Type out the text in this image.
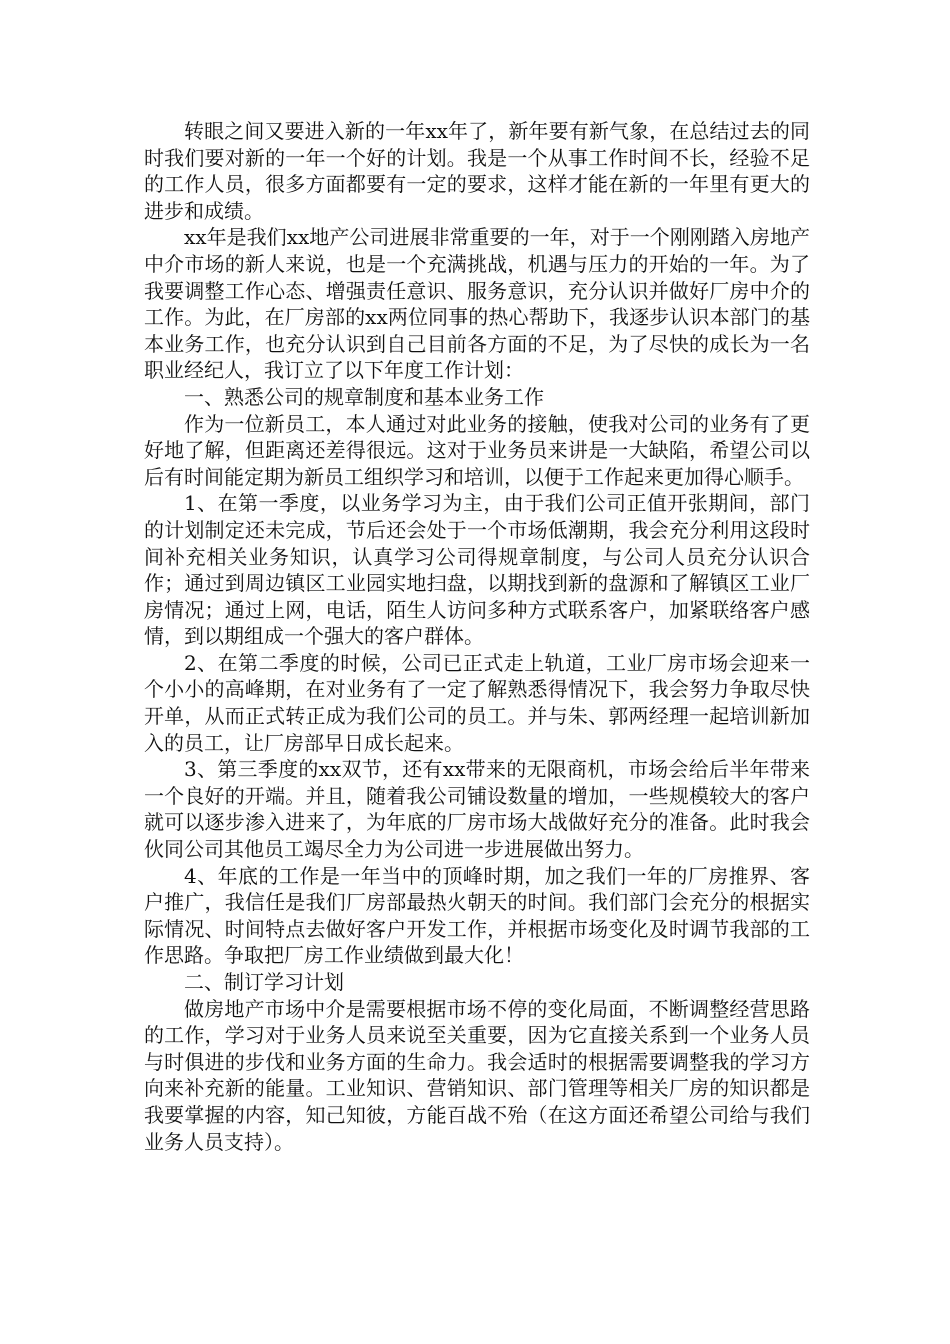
转眼之间又要进入新的一年xx年了，新年要有新气象，在总结过去的同时我们要对新的一年一个好的计划。我是一个从事工作时间不长，经验不足的工作人员，很多方面都要有一定的要求，这样才能在新的一年里有更大的进步和成绩。

xx年是我们xx地产公司进展非常重要的一年，对于一个刚刚踏入房地产中介市场的新人来说，也是一个充满挑战，机遇与压力的开始的一年。为了我要调整工作心态、增强责任意识、服务意识，充分认识并做好厂房中介的工作。为此，在厂房部的xx两位同事的热心帮助下，我逐步认识本部门的基本业务工作，也充分认识到自己目前各方面的不足，为了尽快的成长为一名职业经纪人，我订立了以下年度工作计划：

一、熟悉公司的规章制度和基本业务工作

作为一位新员工，本人通过对此业务的接触，使我对公司的业务有了更好地了解，但距离还差得很远。这对于业务员来讲是一大缺陷，希望公司以后有时间能定期为新员工组织学习和培训，以便于工作起来更加得心顺手。

1、在第一季度，以业务学习为主，由于我们公司正值开张期间，部门的计划制定还未完成，节后还会处于一个市场低潮期，我会充分利用这段时间补充相关业务知识，认真学习公司得规章制度，与公司人员充分认识合作；通过到周边镇区工业园实地扫盘，以期找到新的盘源和了解镇区工业厂房情况；通过上网，电话，陌生人访问多种方式联系客户，加紧联络客户感情，到以期组成一个强大的客户群体。

2、在第二季度的时候，公司已正式走上轨道，工业厂房市场会迎来一个小小的高峰期，在对业务有了一定了解熟悉得情况下，我会努力争取尽快开单，从而正式转正成为我们公司的员工。并与朱、郭两经理一起培训新加入的员工，让厂房部早日成长起来。

3、第三季度的xx双节，还有xx带来的无限商机，市场会给后半年带来一个良好的开端。并且，随着我公司铺设数量的增加，一些规模较大的客户就可以逐步渗入进来了，为年底的厂房市场大战做好充分的准备。此时我会伙同公司其他员工竭尽全力为公司进一步进展做出努力。

4、年底的工作是一年当中的顶峰时期，加之我们一年的厂房推界、客户推广，我信任是我们厂房部最热火朝天的时间。我们部门会充分的根据实际情况、时间特点去做好客户开发工作，并根据市场变化及时调节我部的工作思路。争取把厂房工作业绩做到最大化！

二、制订学习计划

做房地产市场中介是需要根据市场不停的变化局面，不断调整经营思路的工作，学习对于业务人员来说至关重要，因为它直接关系到一个业务人员与时俱进的步伐和业务方面的生命力。我会适时的根据需要调整我的学习方向来补充新的能量。工业知识、营销知识、部门管理等相关厂房的知识都是我要掌握的内容，知己知彼，方能百战不殆（在这方面还希望公司给与我们业务人员支持）。
